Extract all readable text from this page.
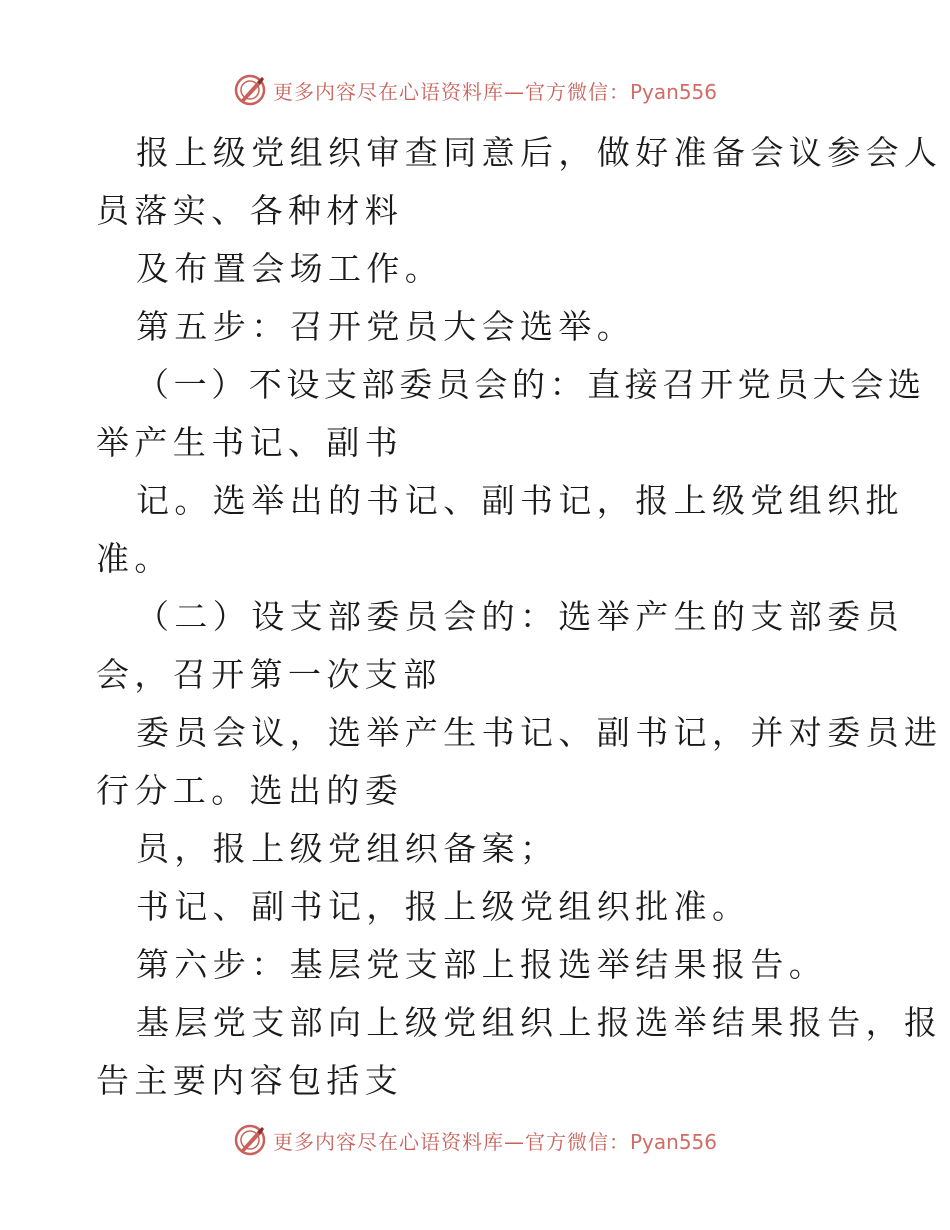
更多内容尽在心语资料库—官方微信：Pyan556
报上级党组织审查同意后，做好准备会议参会人
员落实、各种材料
及布置会场工作。
第五步：召开党员大会选举。
（一）不设支部委员会的：直接召开党员大会选
举产生书记、副书
记。选举出的书记、副书记，报上级党组织批
准。
（二）设支部委员会的：选举产生的支部委员
会，召开第一次支部
委员会议，选举产生书记、副书记，并对委员进
行分工。选出的委
员，报上级党组织备案；
书记、副书记，报上级党组织批准。
第六步：基层党支部上报选举结果报告。
基层党支部向上级党组织上报选举结果报告，报
告主要内容包括支
更多内容尽在心语资料库—官方微信：Pyan556
